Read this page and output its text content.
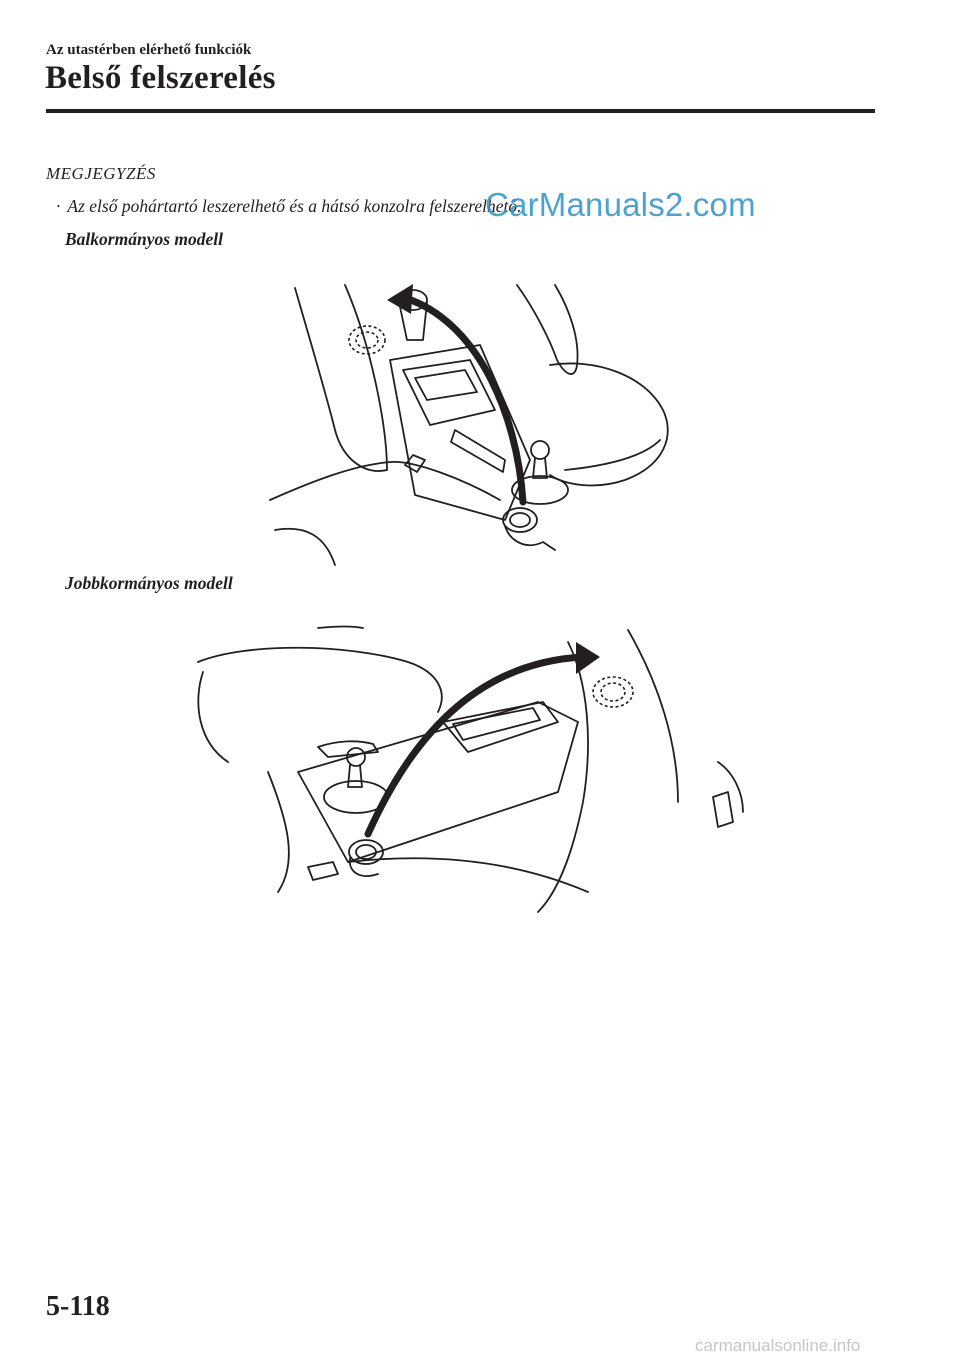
Az utastérben elérhető funkciók
Belső felszerelés
MEGJEGYZÉS
· Az első pohártartó leszerelhető és a hátsó konzolra felszerelhető.
CarManuals2.com
Balkormányos modell
Jobbkormányos modell
5-118
carmanualsonline.info
